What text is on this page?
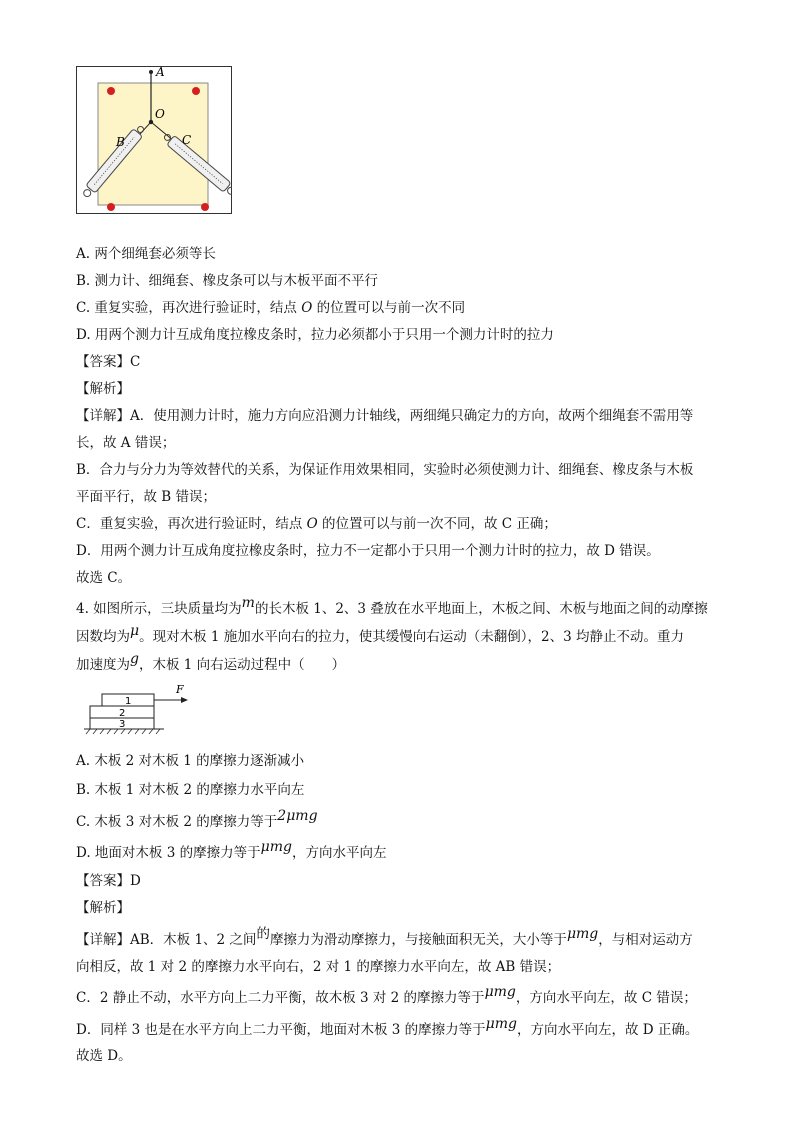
A
O
B	C
A. 两个细绳套必须等长
B. 测力计、细绳套、橡皮条可以与木板平面不平行
C. 重复实验，再次进行验证时，结点 O 的位置可以与前一次不同
D. 用两个测力计互成角度拉橡皮条时，拉力必须都小于只用一个测力计时的拉力
【答案】C
【解析】
【详解】A．使用测力计时，施力方向应沿测力计轴线，两细绳只确定力的方向，故两个细绳套不需用等
长，故 A 错误；
B．合力与分力为等效替代的关系，为保证作用效果相同，实验时必须使测力计、细绳套、橡皮条与木板
平面平行，故 B 错误；
C．重复实验，再次进行验证时，结点 O 的位置可以与前一次不同，故 C 正确；
D．用两个测力计互成角度拉橡皮条时，拉力不一定都小于只用一个测力计时的拉力，故 D 错误。
故选 C。
4. 如图所示，三块质量均为m的长木板 1、2、3 叠放在水平地面上，木板之间、木板与地面之间的动摩擦
因数均为μ。现对木板 1 施加水平向右的拉力，使其缓慢向右运动（未翻倒），2、3 均静止不动。重力
加速度为g，木板 1 向右运动过程中（　　）
F
1
2
3
A. 木板 2 对木板 1 的摩擦力逐渐减小
B. 木板 1 对木板 2 的摩擦力水平向左
C. 木板 3 对木板 2 的摩擦力等于2μmg
D. 地面对木板 3 的摩擦力等于μmg，方向水平向左
【答案】D
【解析】
【详解】AB．木板 1、2 之间的摩擦力为滑动摩擦力，与接触面积无关，大小等于μmg，与相对运动方
向相反，故 1 对 2 的摩擦力水平向右，2 对 1 的摩擦力水平向左，故 AB 错误；
C．2 静止不动，水平方向上二力平衡，故木板 3 对 2 的摩擦力等于μmg，方向水平向左，故 C 错误；
D．同样 3 也是在水平方向上二力平衡，地面对木板 3 的摩擦力等于μmg，方向水平向左，故 D 正确。
故选 D。
